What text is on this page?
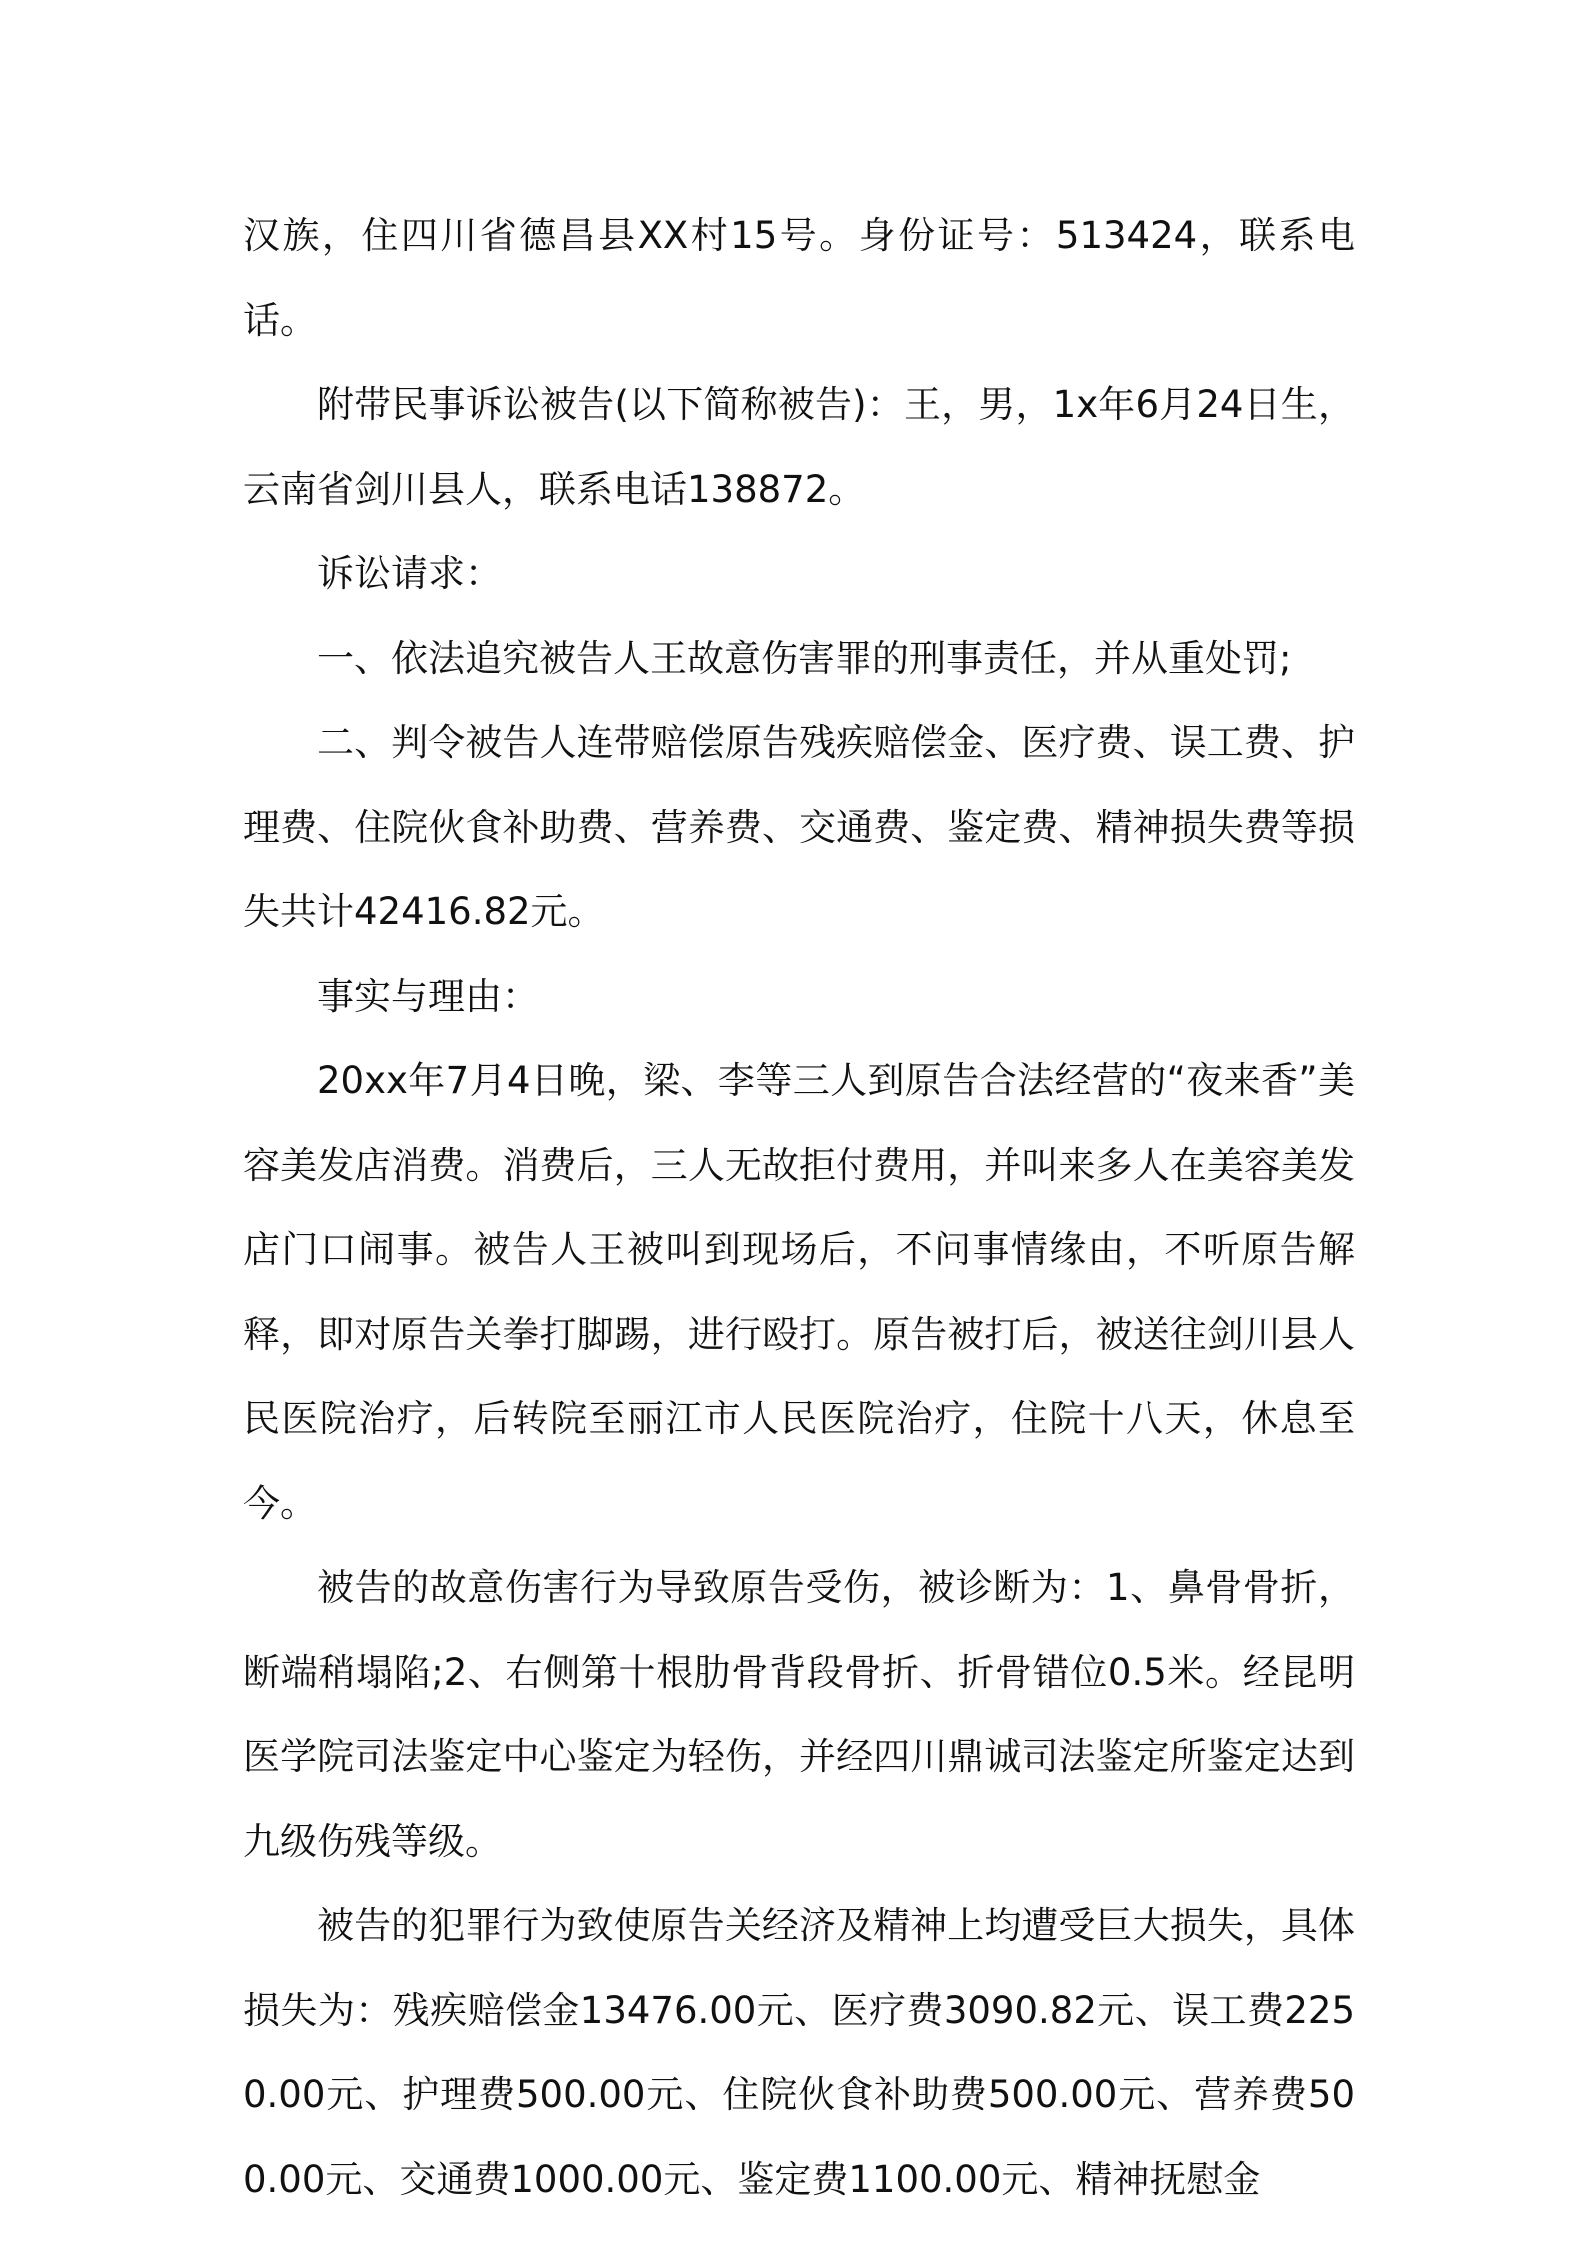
汉族，住四川省德昌县XX村15号。身份证号：513424，联系电话。

附带民事诉讼被告(以下简称被告)：王，男，1x年6月24日生，云南省剑川县人，联系电话138872。

诉讼请求：

一、依法追究被告人王故意伤害罪的刑事责任，并从重处罚;

二、判令被告人连带赔偿原告残疾赔偿金、医疗费、误工费、护理费、住院伙食补助费、营养费、交通费、鉴定费、精神损失费等损失共计42416.82元。

事实与理由：

20xx年7月4日晚，梁、李等三人到原告合法经营的“夜来香”美容美发店消费。消费后，三人无故拒付费用，并叫来多人在美容美发店门口闹事。被告人王被叫到现场后，不问事情缘由，不听原告解释，即对原告关拳打脚踢，进行殴打。原告被打后，被送往剑川县人民医院治疗，后转院至丽江市人民医院治疗，住院十八天，休息至今。

被告的故意伤害行为导致原告受伤，被诊断为：1、鼻骨骨折，断端稍塌陷;2、右侧第十根肋骨背段骨折、折骨错位0.5米。经昆明医学院司法鉴定中心鉴定为轻伤，并经四川鼎诚司法鉴定所鉴定达到九级伤残等级。

被告的犯罪行为致使原告关经济及精神上均遭受巨大损失，具体损失为：残疾赔偿金13476.00元、医疗费3090.82元、误工费2250.00元、护理费500.00元、住院伙食补助费500.00元、营养费500.00元、交通费1000.00元、鉴定费1100.00元、精神抚慰金
